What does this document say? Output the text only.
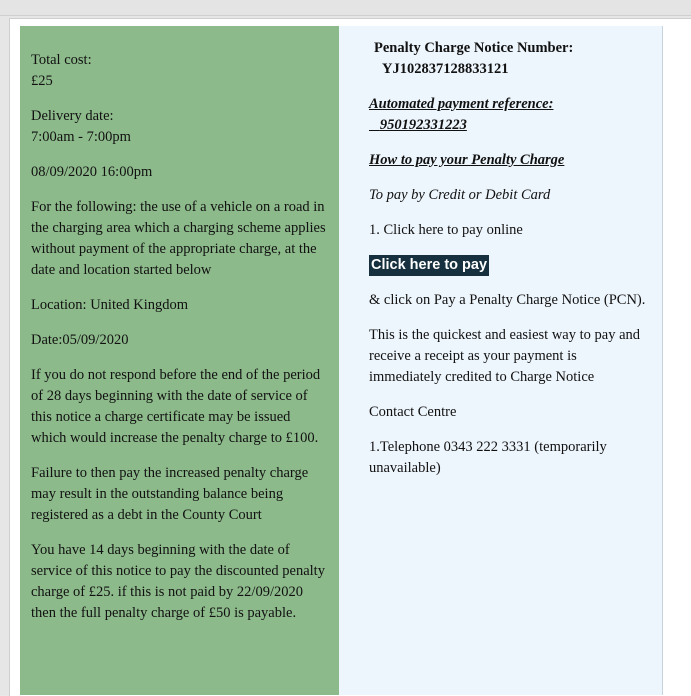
Total cost:
£25

Delivery date:
7:00am - 7:00pm

08/09/2020 16:00pm

For the following: the use of a vehicle on a road in the charging area which a charging scheme applies without payment of the appropriate charge, at the date and location started below

Location: United Kingdom

Date:05/09/2020

If you do not respond before the end of the period of 28 days beginning with the date of service of this notice a charge certificate may be issued which would increase the penalty charge to £100.

Failure to then pay the increased penalty charge may result in the outstanding balance being registered as a debt in the County Court

You have 14 days beginning with the date of service of this notice to pay the discounted penalty charge of £25. if this is not paid by 22/09/2020 then the full penalty charge of £50 is payable.

Penalty Charge Notice Number:
YJ102837128833121

Automated payment reference:
950192331223

How to pay your Penalty Charge

To pay by Credit or Debit Card

1. Click here to pay online

Click here to pay

& click on Pay a Penalty Charge Notice (PCN).

This is the quickest and easiest way to pay and receive a receipt as your payment is immediately credited to Charge Notice

Contact Centre

1.Telephone 0343 222 3331 (temporarily unavailable)
